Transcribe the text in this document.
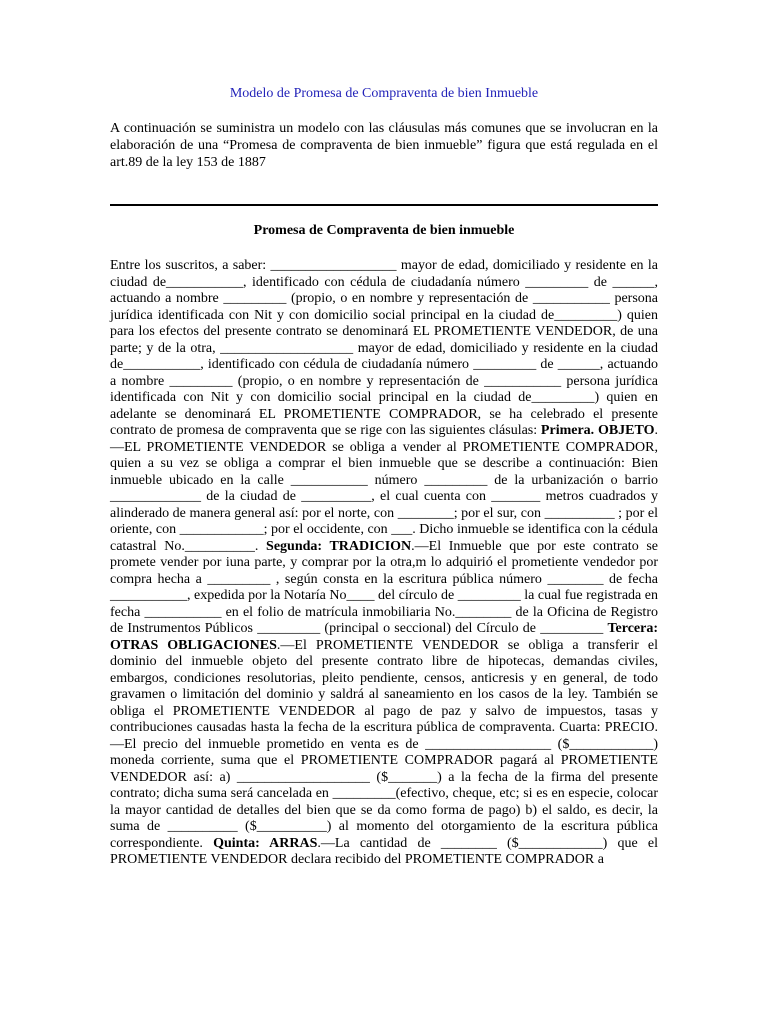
Modelo de Promesa de Compraventa de bien Inmueble

A continuación se suministra un modelo con las cláusulas más comunes que se involucran en la elaboración de una “Promesa de compraventa de bien inmueble” figura que está regulada en el art.89 de la ley 153 de 1887

Promesa de Compraventa de bien inmueble

Entre los suscritos, a saber: __________________ mayor de edad, domiciliado y residente en la ciudad de___________, identificado con cédula de ciudadanía número _________ de ______, actuando a nombre _________ (propio, o en nombre y representación de ___________ persona jurídica identificada con Nit y con domicilio social principal en la ciudad de_________) quien para los efectos del presente contrato se denominará EL PROMETIENTE VENDEDOR, de una parte; y de la otra, ___________________ mayor de edad, domiciliado y residente en la ciudad de___________, identificado con cédula de ciudadanía número _________ de ______, actuando a nombre _________ (propio, o en nombre y representación de ___________ persona jurídica identificada con Nit y con domicilio social principal en la ciudad de_________) quien en adelante se denominará EL PROMETIENTE COMPRADOR, se ha celebrado el presente contrato de promesa de compraventa que se rige con las siguientes clásulas: Primera. OBJETO.—EL PROMETIENTE VENDEDOR se obliga a vender al PROMETIENTE COMPRADOR, quien a su vez se obliga a comprar el bien inmueble que se describe a continuación: Bien inmueble ubicado en la calle ___________ número _________ de la urbanización o barrio _____________ de la ciudad de __________, el cual cuenta con _______ metros cuadrados y alinderado de manera general así: por el norte, con ________; por el sur, con __________ ; por el oriente, con ____________; por el occidente, con ___. Dicho inmueble se identifica con la cédula catastral No.__________. Segunda: TRADICION.—El Inmueble que por este contrato se promete vender por iuna parte, y comprar por la otra,m lo adquirió el prometiente vendedor por compra hecha a _________ , según consta en la escritura pública número ________ de fecha ___________, expedida por la Notaría No____ del círculo de _________ la cual fue registrada en fecha ___________ en el folio de matrícula inmobiliaria No.________ de la Oficina de Registro de Instrumentos Públicos _________ (principal o seccional) del Círculo de _________ Tercera: OTRAS OBLIGACIONES.—El PROMETIENTE VENDEDOR se obliga a transferir el dominio del inmueble objeto del presente contrato libre de hipotecas, demandas civiles, embargos, condiciones resolutorias, pleito pendiente, censos, anticresis y en general, de todo gravamen o limitación del dominio y saldrá al saneamiento en los casos de la ley. También se obliga el PROMETIENTE VENDEDOR al pago de paz y salvo de impuestos, tasas y contribuciones causadas hasta la fecha de la escritura pública de compraventa. Cuarta: PRECIO.—El precio del inmueble prometido en venta es de __________________ ($____________) moneda corriente, suma que el PROMETIENTE COMPRADOR pagará al PROMETIENTE VENDEDOR así: a) ___________________ ($_______) a la fecha de la firma del presente contrato; dicha suma será cancelada en _________(efectivo, cheque, etc; si es en especie, colocar la mayor cantidad de detalles del bien que se da como forma de pago) b) el saldo, es decir, la suma de __________ ($__________) al momento del otorgamiento de la escritura pública correspondiente. Quinta: ARRAS.—La cantidad de ________ ($____________) que el PROMETIENTE VENDEDOR declara recibido del PROMETIENTE COMPRADOR a
